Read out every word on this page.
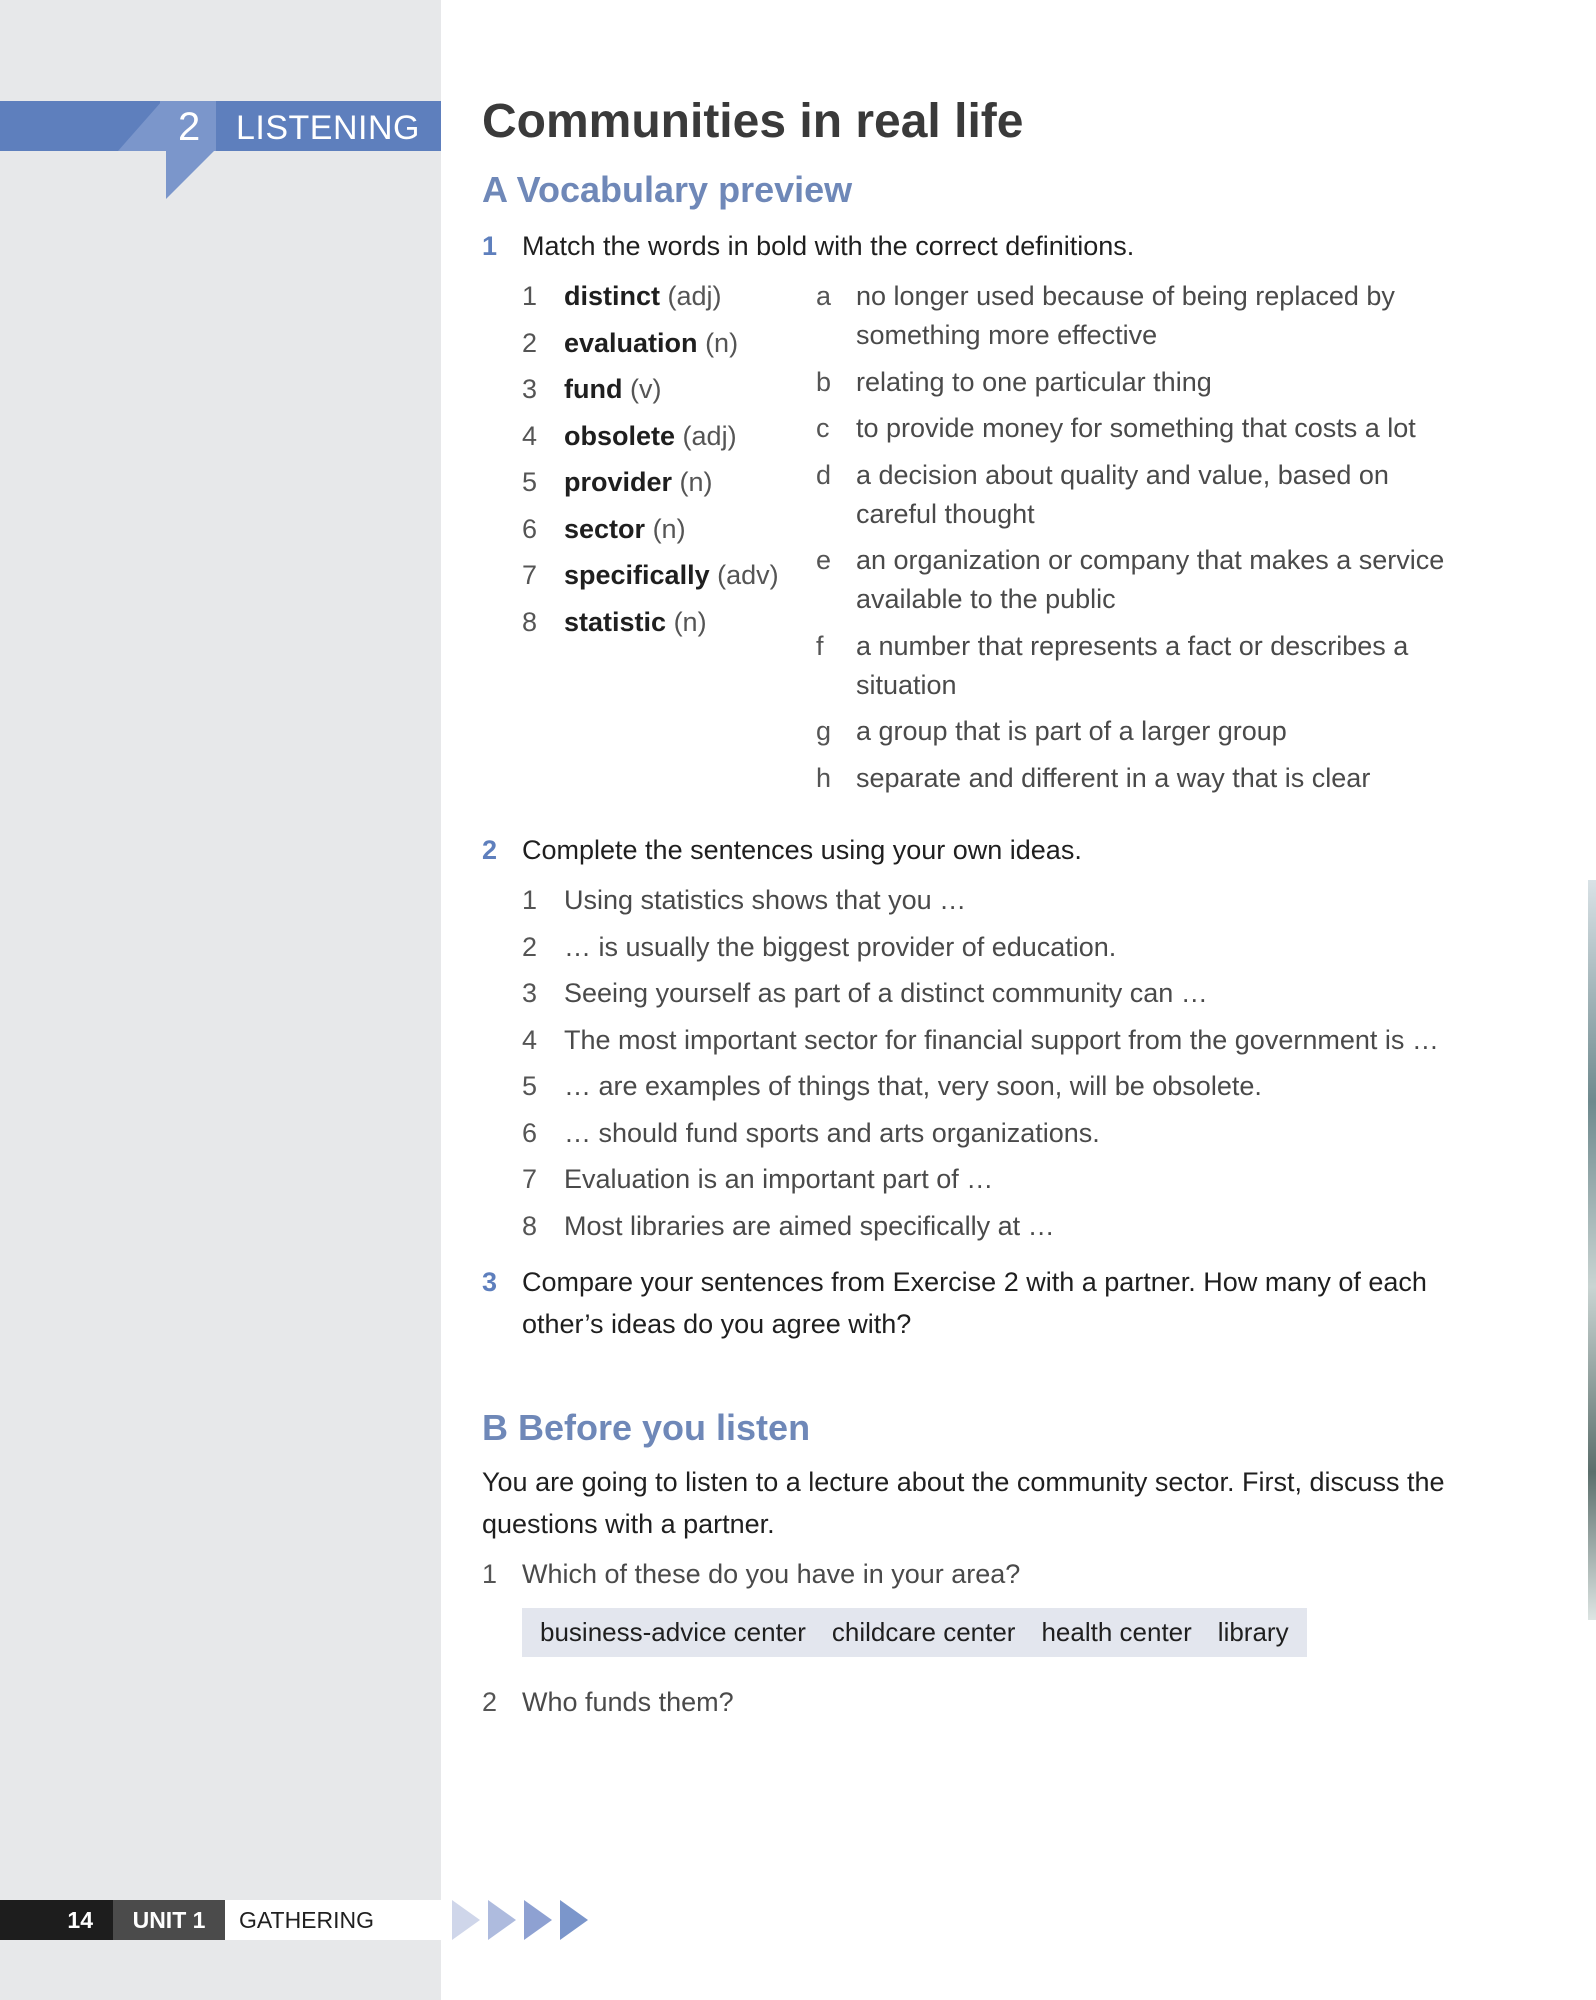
2 LISTENING Communities in real life
A Vocabulary preview
1 Match the words in bold with the correct definitions.
1 distinct (adj)
2 evaluation (n)
3 fund (v)
4 obsolete (adj)
5 provider (n)
6 sector (n)
7 specifically (adv)
8 statistic (n)
a no longer used because of being replaced by something more effective
b relating to one particular thing
c to provide money for something that costs a lot
d a decision about quality and value, based on careful thought
e an organization or company that makes a service available to the public
f a number that represents a fact or describes a situation
g a group that is part of a larger group
h separate and different in a way that is clear
2 Complete the sentences using your own ideas.
1 Using statistics shows that you …
2 … is usually the biggest provider of education.
3 Seeing yourself as part of a distinct community can …
4 The most important sector for financial support from the government is …
5 … are examples of things that, very soon, will be obsolete.
6 … should fund sports and arts organizations.
7 Evaluation is an important part of …
8 Most libraries are aimed specifically at …
3 Compare your sentences from Exercise 2 with a partner. How many of each other’s ideas do you agree with?
B Before you listen

You are going to listen to a lecture about the community sector. First, discuss the questions with a partner.

1 Which of these do you have in your area?
business-advice center childcare center health center library
2 Who funds them?
14	UNIT 1	GATHERING
